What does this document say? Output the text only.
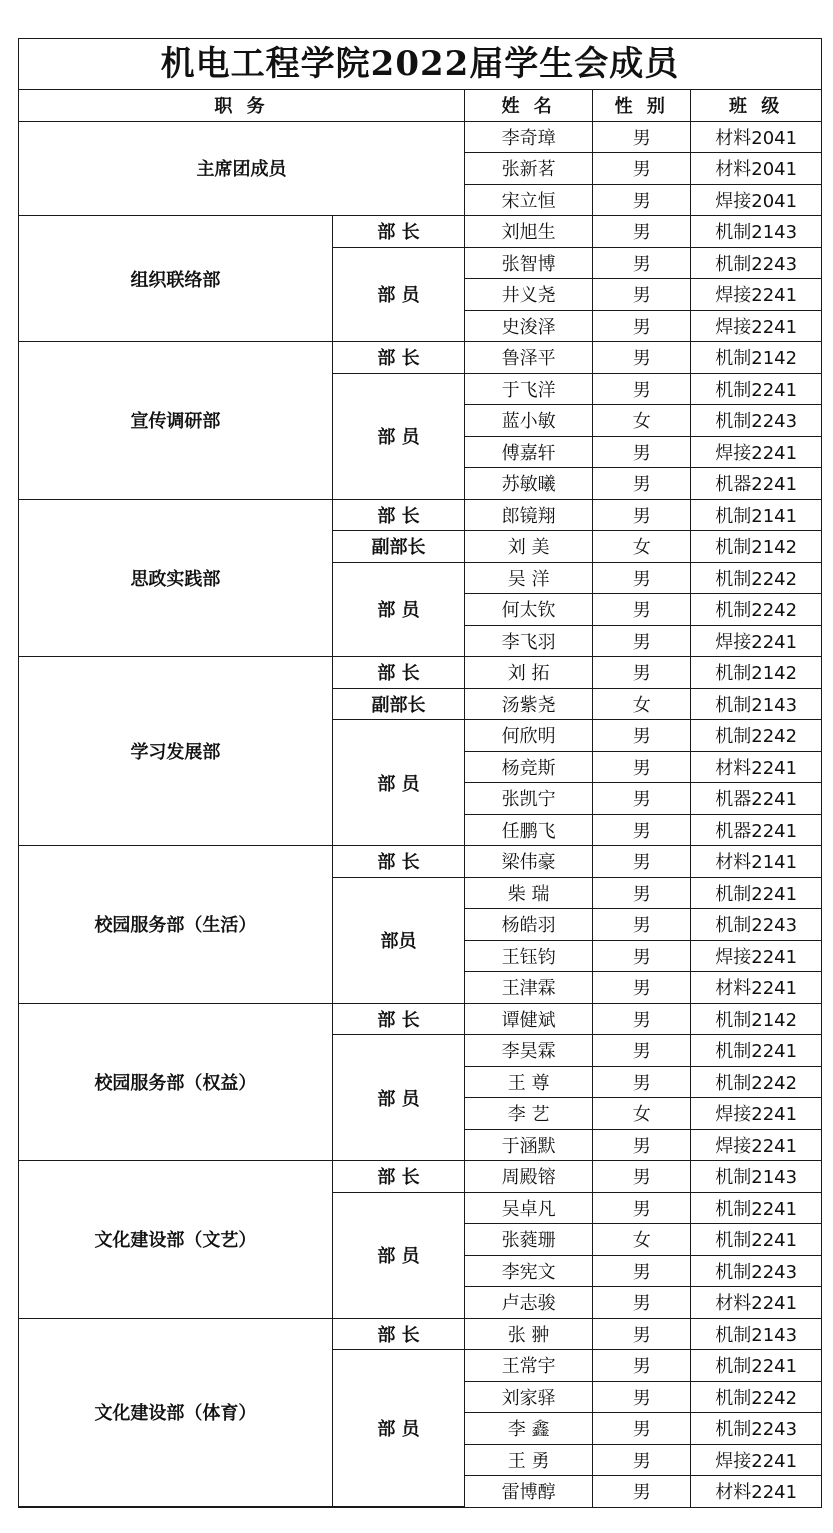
机电工程学院2022届学生会成员
职 务		姓 名	性 别	班 级
主席团成员		李奇璋	男	材料2041
		张新茗	男	材料2041
		宋立恒	男	焊接2041
组织联络部	部 长	刘旭生	男	机制2143
	部 员	张智博	男	机制2243
		井义尧	男	焊接2241
		史浚泽	男	焊接2241
宣传调研部	部 长	鲁泽平	男	机制2142
	部 员	于飞洋	男	机制2241
		蓝小敏	女	机制2243
		傅嘉轩	男	焊接2241
		苏敏曦	男	机器2241
思政实践部	部 长	郎镜翔	男	机制2141
	副部长	刘 美	女	机制2142
	部 员	吴 洋	男	机制2242
		何太钦	男	机制2242
		李飞羽	男	焊接2241
学习发展部	部 长	刘 拓	男	机制2142
	副部长	汤紫尧	女	机制2143
	部 员	何欣明	男	机制2242
		杨竞斯	男	材料2241
		张凯宁	男	机器2241
		任鹏飞	男	机器2241
校园服务部（生活）	部 长	梁伟豪	男	材料2141
	部员	柴 瑞	男	机制2241
		杨皓羽	男	机制2243
		王钰钧	男	焊接2241
		王津霖	男	材料2241
校园服务部（权益）	部 长	谭健斌	男	机制2142
	部 员	李昊霖	男	机制2241
		王 尊	男	机制2242
		李 艺	女	焊接2241
		于涵默	男	焊接2241
文化建设部（文艺）	部 长	周殿镕	男	机制2143
	部 员	吴卓凡	男	机制2241
		张蕤珊	女	机制2241
		李宪文	男	机制2243
		卢志骏	男	材料2241
文化建设部（体育）	部 长	张 翀	男	机制2143
	部 员	王常宇	男	机制2241
		刘家驿	男	机制2242
		李 鑫	男	机制2243
		王 勇	男	焊接2241
		雷博醇	男	材料2241
